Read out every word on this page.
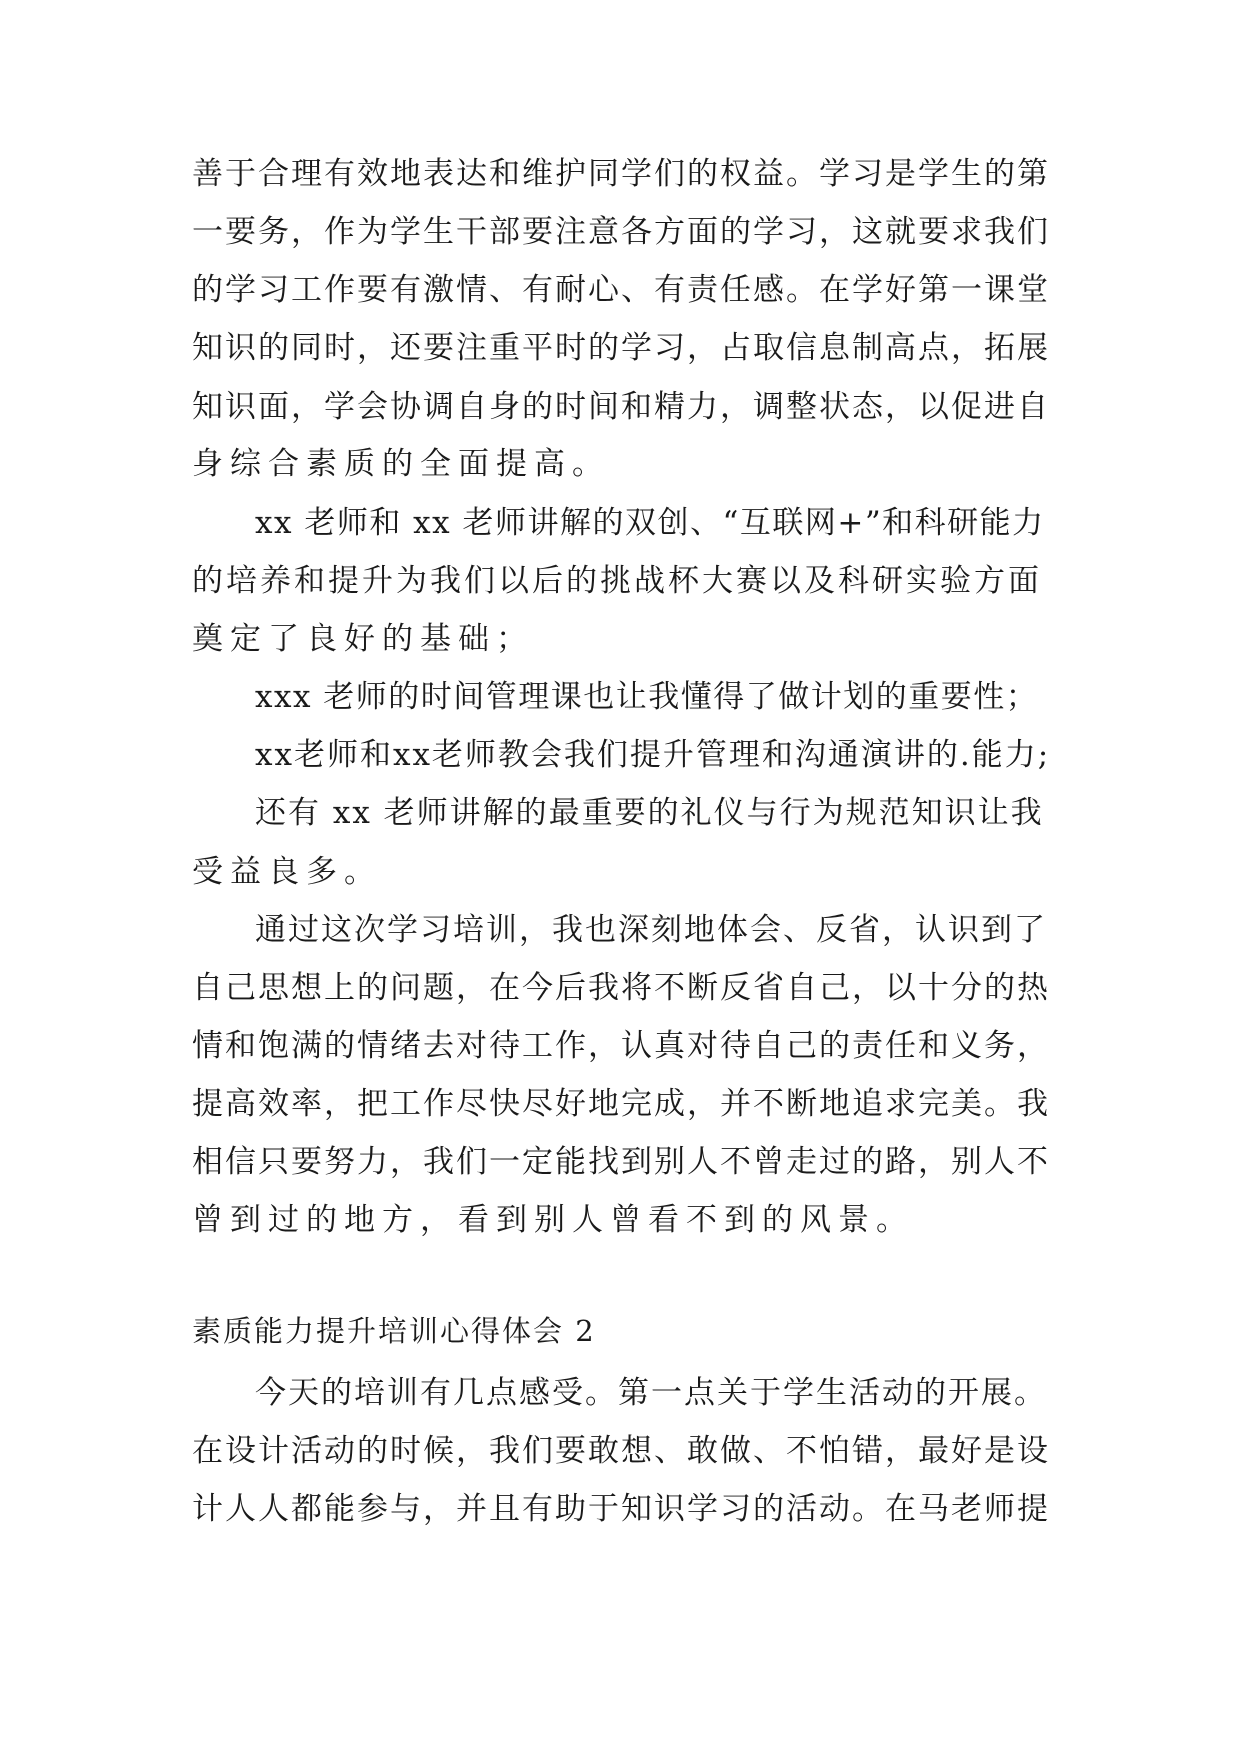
善于合理有效地表达和维护同学们的权益。学习是学生的第
一要务，作为学生干部要注意各方面的学习，这就要求我们
的学习工作要有激情、有耐心、有责任感。在学好第一课堂
知识的同时，还要注重平时的学习，占取信息制高点，拓展
知识面，学会协调自身的时间和精力，调整状态，以促进自
身综合素质的全面提高。
xx 老师和 xx 老师讲解的双创、“互联网+”和科研能力
的培养和提升为我们以后的挑战杯大赛以及科研实验方面
奠定了良好的基础；
xxx 老师的时间管理课也让我懂得了做计划的重要性；
xx老师和xx老师教会我们提升管理和沟通演讲的.能力;
还有 xx 老师讲解的最重要的礼仪与行为规范知识让我
受益良多。
通过这次学习培训，我也深刻地体会、反省，认识到了
自己思想上的问题，在今后我将不断反省自己，以十分的热
情和饱满的情绪去对待工作，认真对待自己的责任和义务，
提高效率，把工作尽快尽好地完成，并不断地追求完美。我
相信只要努力，我们一定能找到别人不曾走过的路，别人不
曾到过的地方，看到别人曾看不到的风景。
素质能力提升培训心得体会 2
今天的培训有几点感受。第一点关于学生活动的开展。
在设计活动的时候，我们要敢想、敢做、不怕错，最好是设
计人人都能参与，并且有助于知识学习的活动。在马老师提
